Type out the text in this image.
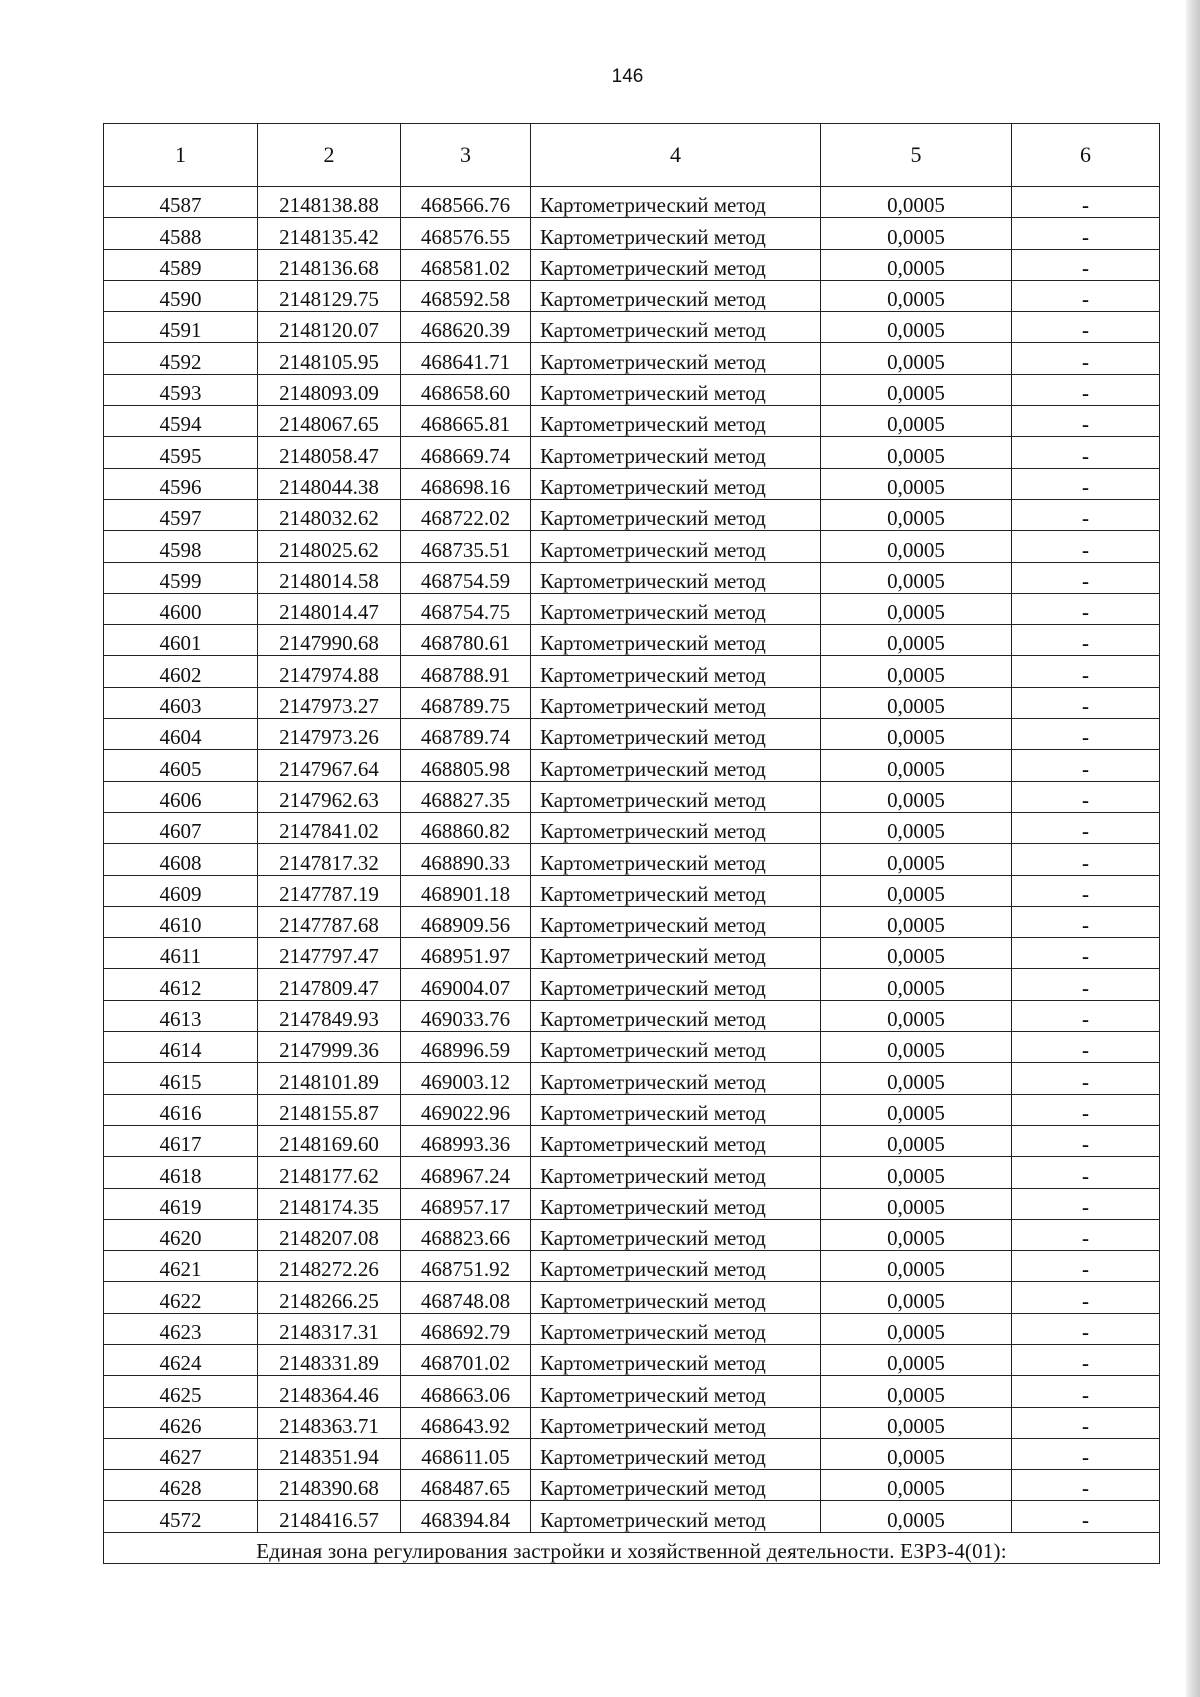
146
1	2	3	4	5	6
4587	2148138.88	468566.76	Картометрический метод	0,0005	-
4588	2148135.42	468576.55	Картометрический метод	0,0005	-
4589	2148136.68	468581.02	Картометрический метод	0,0005	-
4590	2148129.75	468592.58	Картометрический метод	0,0005	-
4591	2148120.07	468620.39	Картометрический метод	0,0005	-
4592	2148105.95	468641.71	Картометрический метод	0,0005	-
4593	2148093.09	468658.60	Картометрический метод	0,0005	-
4594	2148067.65	468665.81	Картометрический метод	0,0005	-
4595	2148058.47	468669.74	Картометрический метод	0,0005	-
4596	2148044.38	468698.16	Картометрический метод	0,0005	-
4597	2148032.62	468722.02	Картометрический метод	0,0005	-
4598	2148025.62	468735.51	Картометрический метод	0,0005	-
4599	2148014.58	468754.59	Картометрический метод	0,0005	-
4600	2148014.47	468754.75	Картометрический метод	0,0005	-
4601	2147990.68	468780.61	Картометрический метод	0,0005	-
4602	2147974.88	468788.91	Картометрический метод	0,0005	-
4603	2147973.27	468789.75	Картометрический метод	0,0005	-
4604	2147973.26	468789.74	Картометрический метод	0,0005	-
4605	2147967.64	468805.98	Картометрический метод	0,0005	-
4606	2147962.63	468827.35	Картометрический метод	0,0005	-
4607	2147841.02	468860.82	Картометрический метод	0,0005	-
4608	2147817.32	468890.33	Картометрический метод	0,0005	-
4609	2147787.19	468901.18	Картометрический метод	0,0005	-
4610	2147787.68	468909.56	Картометрический метод	0,0005	-
4611	2147797.47	468951.97	Картометрический метод	0,0005	-
4612	2147809.47	469004.07	Картометрический метод	0,0005	-
4613	2147849.93	469033.76	Картометрический метод	0,0005	-
4614	2147999.36	468996.59	Картометрический метод	0,0005	-
4615	2148101.89	469003.12	Картометрический метод	0,0005	-
4616	2148155.87	469022.96	Картометрический метод	0,0005	-
4617	2148169.60	468993.36	Картометрический метод	0,0005	-
4618	2148177.62	468967.24	Картометрический метод	0,0005	-
4619	2148174.35	468957.17	Картометрический метод	0,0005	-
4620	2148207.08	468823.66	Картометрический метод	0,0005	-
4621	2148272.26	468751.92	Картометрический метод	0,0005	-
4622	2148266.25	468748.08	Картометрический метод	0,0005	-
4623	2148317.31	468692.79	Картометрический метод	0,0005	-
4624	2148331.89	468701.02	Картометрический метод	0,0005	-
4625	2148364.46	468663.06	Картометрический метод	0,0005	-
4626	2148363.71	468643.92	Картометрический метод	0,0005	-
4627	2148351.94	468611.05	Картометрический метод	0,0005	-
4628	2148390.68	468487.65	Картометрический метод	0,0005	-
4572	2148416.57	468394.84	Картометрический метод	0,0005	-
Единая зона регулирования застройки и хозяйственной деятельности. ЕЗРЗ-4(01):					
